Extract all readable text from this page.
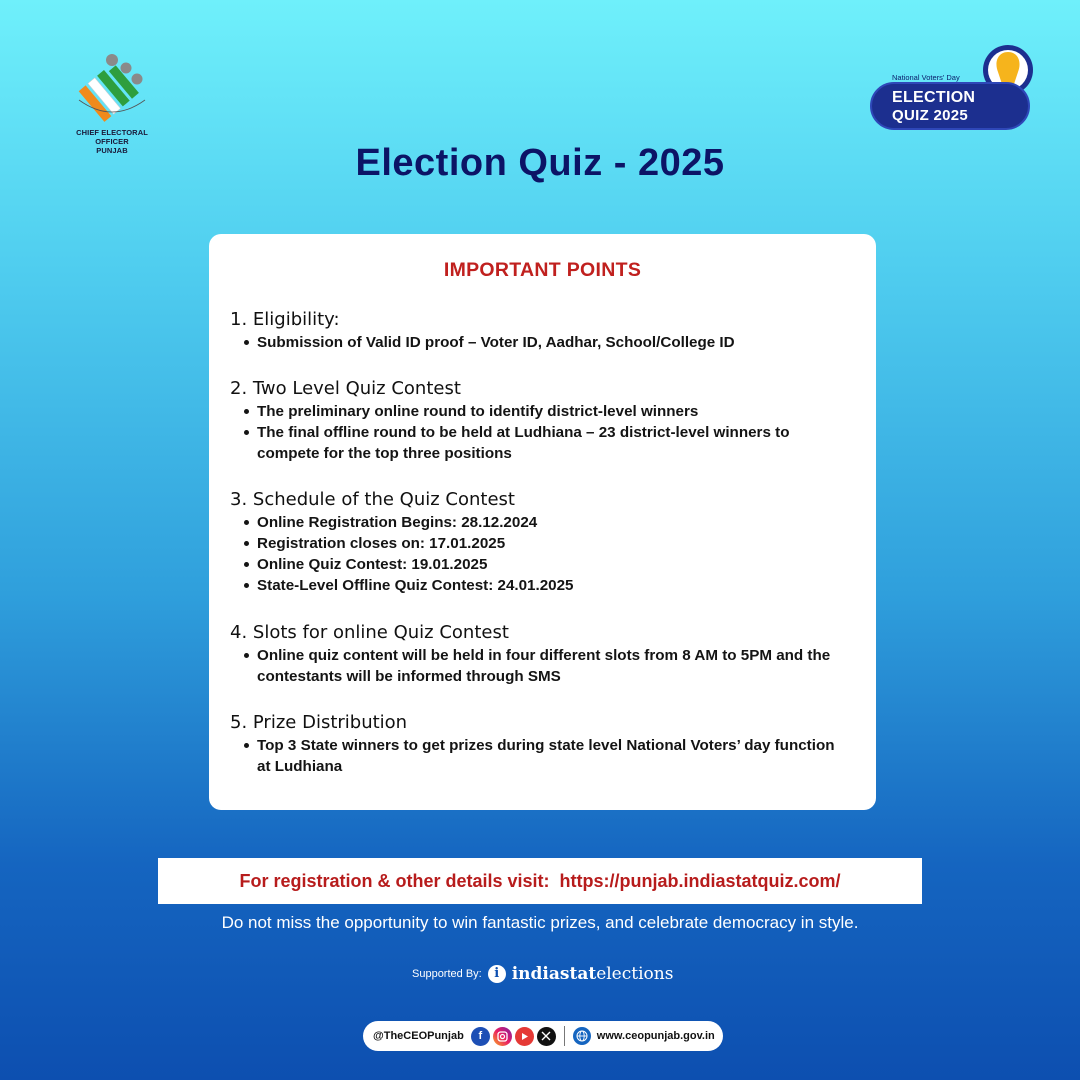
CHIEF ELECTORAL OFFICER
PUNJAB
National Voters' Day
ELECTION
QUIZ 2025
Election Quiz - 2025
IMPORTANT POINTS
1. Eligibility:
Submission of Valid ID proof – Voter ID, Aadhar, School/College ID
2. Two Level Quiz Contest
The preliminary online round to identify district-level winners
The final offline round to be held at Ludhiana – 23 district-level winners to compete for the top three positions
3. Schedule of the Quiz Contest
Online Registration Begins: 28.12.2024
Registration closes on: 17.01.2025
Online Quiz Contest: 19.01.2025
State-Level Offline Quiz Contest: 24.01.2025
4. Slots for online Quiz Contest
Online quiz content will be held in four different slots from 8 AM to 5PM and the contestants will be informed through SMS
5. Prize Distribution
Top 3 State winners to get prizes during state level National Voters’ day function at Ludhiana
For registration & other details visit:  https://punjab.indiastatquiz.com/
Do not miss the opportunity to win fantastic prizes, and celebrate democracy in style.
Supported By: i indiastatelections
@TheCEOPunjab	f	www.ceopunjab.gov.in
